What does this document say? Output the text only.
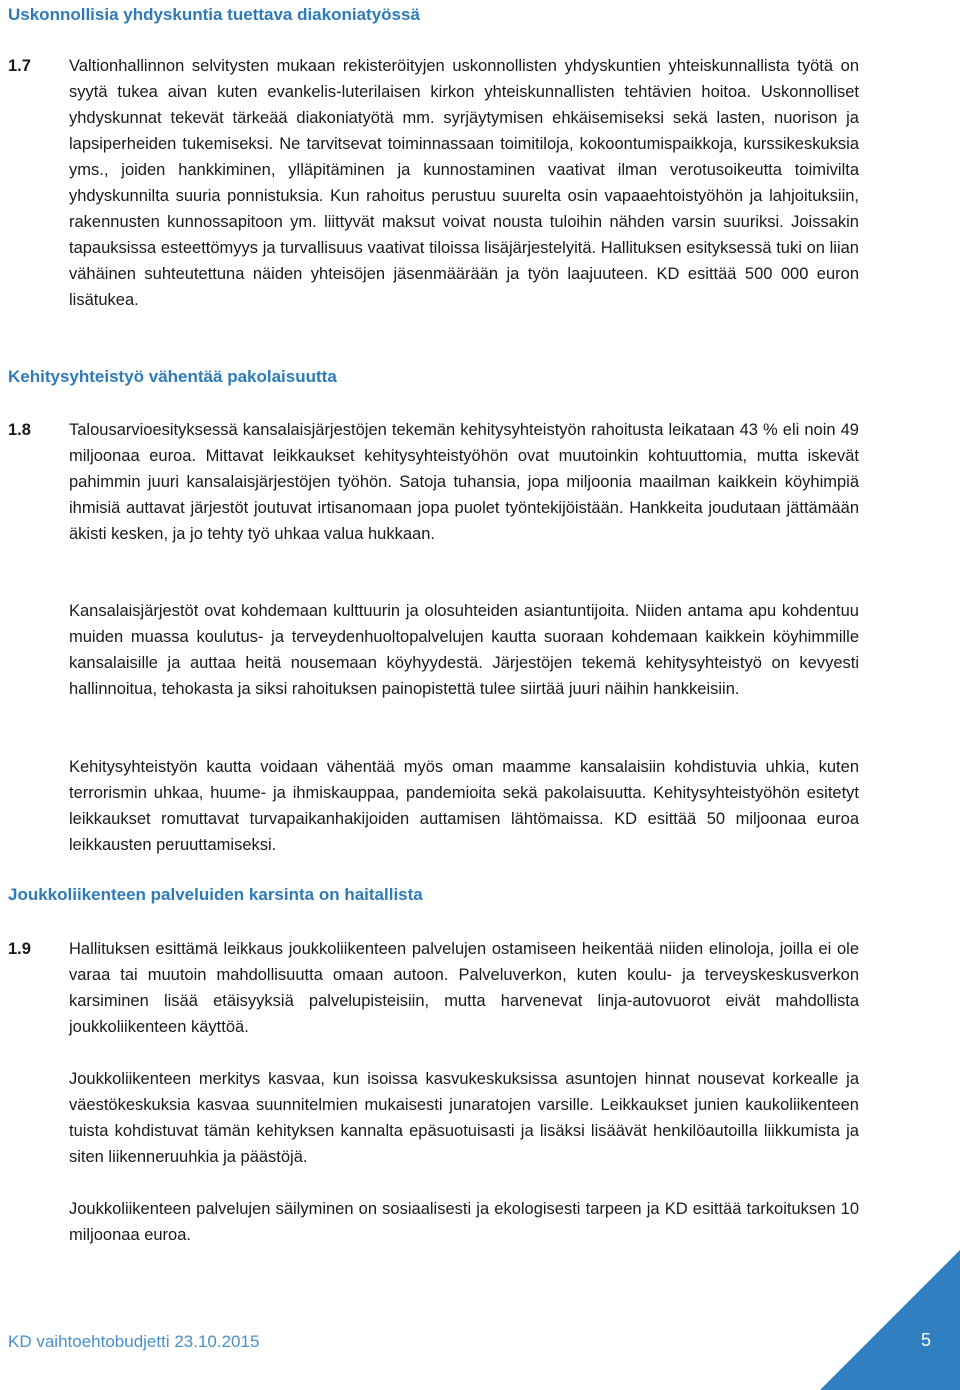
Uskonnollisia yhdyskuntia tuettava diakoniatyössä
1.7 Valtionhallinnon selvitysten mukaan rekisteröityjen uskonnollisten yhdyskuntien yhteiskunnallista työtä on syytä tukea aivan kuten evankelis-luterilaisen kirkon yhteiskunnallisten tehtävien hoitoa. Uskonnolliset yhdyskunnat tekevät tärkeää diakoniatyötä mm. syrjäytymisen ehkäisemiseksi sekä lasten, nuorison ja lapsiperheiden tukemiseksi. Ne tarvitsevat toiminnassaan toimitiloja, kokoontumispaikkoja, kurssikeskuksia yms., joiden hankkiminen, ylläpitäminen ja kunnostaminen vaativat ilman verotusoikeutta toimivilta yhdyskunnilta suuria ponnistuksia. Kun rahoitus perustuu suurelta osin vapaaehtoistyöhön ja lahjoituksiin, rakennusten kunnossapitoon ym. liittyvät maksut voivat nousta tuloihin nähden varsin suuriksi. Joissakin tapauksissa esteettömyys ja turvallisuus vaativat tiloissa lisäjärjestelyitä. Hallituksen esityksessä tuki on liian vähäinen suhteutettuna näiden yhteisöjen jäsenmäärään ja työn laajuuteen. KD esittää 500 000 euron lisätukea.

Kehitysyhteistyö vähentää pakolaisuutta
1.8 Talousarvioesityksessä kansalaisjärjestöjen tekemän kehitysyhteistyön rahoitusta leikataan 43 % eli noin 49 miljoonaa euroa. Mittavat leikkaukset kehitysyhteistyöhön ovat muutoinkin kohtuuttomia, mutta iskevät pahimmin juuri kansalaisjärjestöjen työhön. Satoja tuhansia, jopa miljoonia maailman kaikkein köyhimpiä ihmisiä auttavat järjestöt joutuvat irtisanomaan jopa puolet työntekijöistään. Hankkeita joudutaan jättämään äkisti kesken, ja jo tehty työ uhkaa valua hukkaan.

Kansalaisjärjestöt ovat kohdemaan kulttuurin ja olosuhteiden asiantuntijoita. Niiden antama apu kohdentuu muiden muassa koulutus- ja terveydenhuoltopalvelujen kautta suoraan kohdemaan kaikkein köyhimmille kansalaisille ja auttaa heitä nousemaan köyhyydestä. Järjestöjen tekemä kehitysyhteistyö on kevyesti hallinnoitua, tehokasta ja siksi rahoituksen painopistettä tulee siirtää juuri näihin hankkeisiin.

Kehitysyhteistyön kautta voidaan vähentää myös oman maamme kansalaisiin kohdistuvia uhkia, kuten terrorismin uhkaa, huume- ja ihmiskauppaa, pandemioita sekä pakolaisuutta. Kehitysyhteistyöhön esitetyt leikkaukset romuttavat turvapaikanhakijoiden auttamisen lähtömaissa. KD esittää 50 miljoonaa euroa leikkausten peruuttamiseksi.

Joukkoliikenteen palveluiden karsinta on haitallista
1.9 Hallituksen esittämä leikkaus joukkoliikenteen palvelujen ostamiseen heikentää niiden elinoloja, joilla ei ole varaa tai muutoin mahdollisuutta omaan autoon. Palveluverkon, kuten koulu- ja terveyskeskusverkon karsiminen lisää etäisyyksiä palvelupisteisiin, mutta harvenevat linja-autovuorot eivät mahdollista joukkoliikenteen käyttöä.

Joukkoliikenteen merkitys kasvaa, kun isoissa kasvukeskuksissa asuntojen hinnat nousevat korkealle ja väestökeskuksia kasvaa suunnitelmien mukaisesti junaratojen varsille. Leikkaukset junien kaukoliikenteen tuista kohdistuvat tämän kehityksen kannalta epäsuotuisasti ja lisäksi lisäävät henkilöautoilla liikkumista ja siten liikenneruuhkia ja päästöjä.

Joukkoliikenteen palvelujen säilyminen on sosiaalisesti ja ekologisesti tarpeen ja KD esittää tarkoituksen 10 miljoonaa euroa.

KD vaihtoehtobudjetti 23.10.2015	5
